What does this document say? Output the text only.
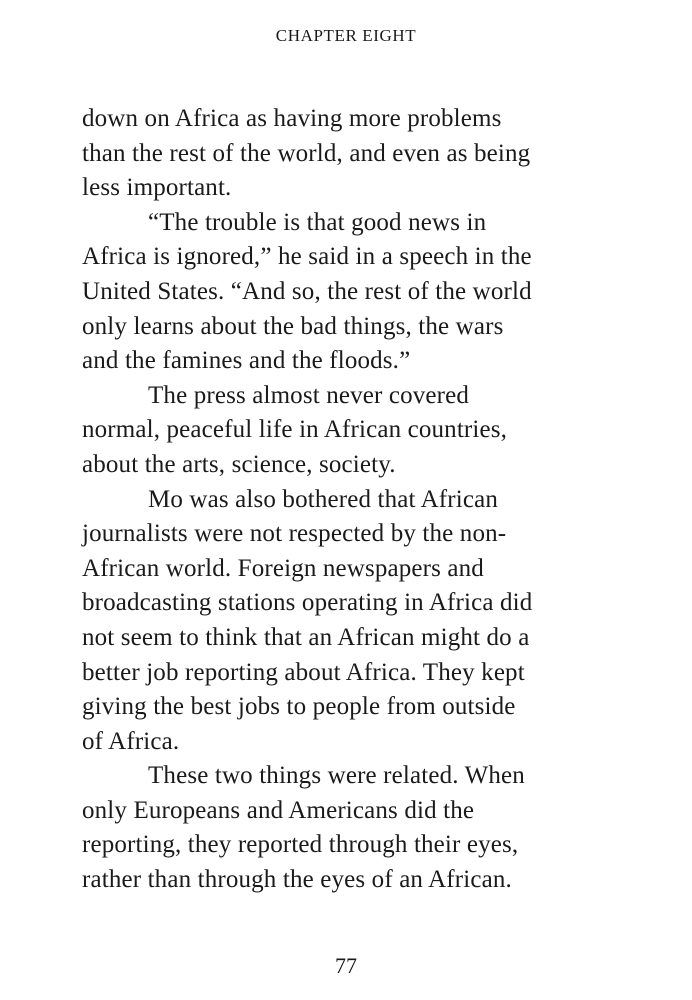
CHAPTER EIGHT
down on Africa as having more problems
than the rest of the world, and even as being
less important.
“The trouble is that good news in
Africa is ignored,” he said in a speech in the
United States. “And so, the rest of the world
only learns about the bad things, the wars
and the famines and the floods.”
The press almost never covered
normal, peaceful life in African countries,
about the arts, science, society.
Mo was also bothered that African
journalists were not respected by the non-
African world. Foreign newspapers and
broadcasting stations operating in Africa did
not seem to think that an African might do a
better job reporting about Africa. They kept
giving the best jobs to people from outside
of Africa.
These two things were related. When
only Europeans and Americans did the
reporting, they reported through their eyes,
rather than through the eyes of an African.
77
